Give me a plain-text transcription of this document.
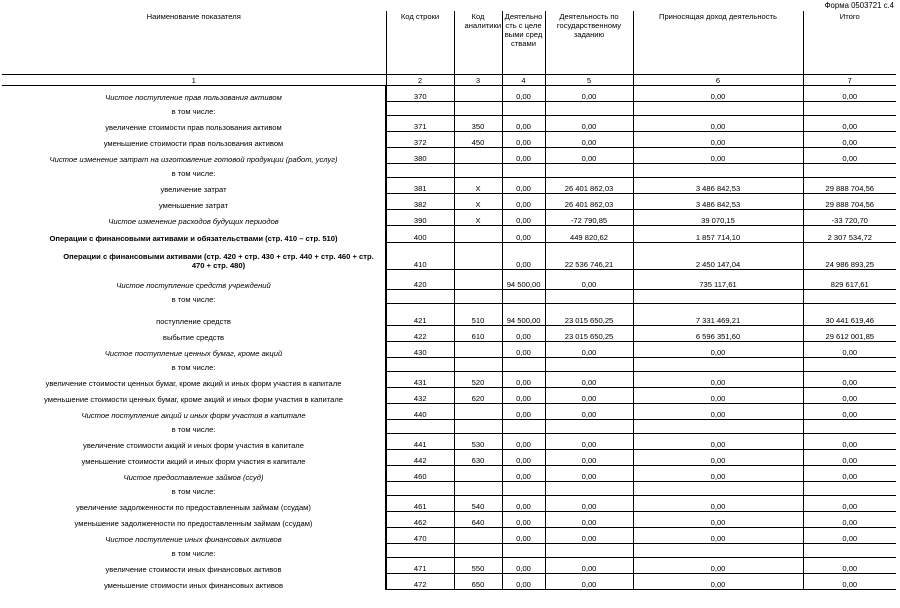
Форма 0503721 с.4
Наименование показателя	Код строки	Код аналитики	Деятельность с целевыми средствами	Деятельность по государственному заданию	Приносящая доход деятельность	Итого
1	2	3	4	5	6	7
Чистое поступление прав пользования активом	370		0,00	0,00	0,00	0,00
в том числе:						
увеличение стоимости прав пользования активом	371	350	0,00	0,00	0,00	0,00
уменьшение стоимости прав пользования активом	372	450	0,00	0,00	0,00	0,00
Чистое изменение затрат на изготовление готовой продукции (работ, услуг)	380		0,00	0,00	0,00	0,00
в том числе:						
увеличение затрат	381	X	0,00	26 401 862,03	3 486 842,53	29 888 704,56
уменьшение затрат	382	X	0,00	26 401 862,03	3 486 842,53	29 888 704,56
Чистое изменение расходов будущих периодов	390	X	0,00	-72 790,85	39 070,15	-33 720,70
Операции с финансовыми активами и обязательствами (стр. 410 – стр. 510)	400		0,00	449 820,62	1 857 714,10	2 307 534,72
Операции с финансовыми активами (стр. 420 + стр. 430 + стр. 440 + стр. 460 + стр. 470 + стр. 480)	410		0,00	22 536 746,21	2 450 147,04	24 986 893,25
Чистое поступление средств учреждений	420		94 500,00	0,00	735 117,61	829 617,61
в том числе:						
поступление средств	421	510	94 500,00	23 015 650,25	7 331 469,21	30 441 619,46
выбытие средств	422	610	0,00	23 015 650,25	6 596 351,60	29 612 001,85
Чистое поступление ценных бумаг, кроме акций	430		0,00	0,00	0,00	0,00
в том числе:						
увеличение стоимости ценных бумаг, кроме акций и иных форм участия в капитале	431	520	0,00	0,00	0,00	0,00
уменьшение стоимости ценных бумаг, кроме акций и иных форм участия в капитале	432	620	0,00	0,00	0,00	0,00
Чистое поступление акций и иных форм участия в капитале	440		0,00	0,00	0,00	0,00
в том числе:						
увеличение стоимости акций и иных форм участия в капитале	441	530	0,00	0,00	0,00	0,00
уменьшение стоимости акций и иных форм участия в капитале	442	630	0,00	0,00	0,00	0,00
Чистое предоставление займов (ссуд)	460		0,00	0,00	0,00	0,00
в том числе:						
увеличение задолженности по предоставленным займам (ссудам)	461	540	0,00	0,00	0,00	0,00
уменьшение задолженности по предоставленным займам (ссудам)	462	640	0,00	0,00	0,00	0,00
Чистое поступление иных финансовых активов	470		0,00	0,00	0,00	0,00
в том числе:						
увеличение стоимости иных финансовых активов	471	550	0,00	0,00	0,00	0,00
уменьшение стоимости иных финансовых активов	472	650	0,00	0,00	0,00	0,00
